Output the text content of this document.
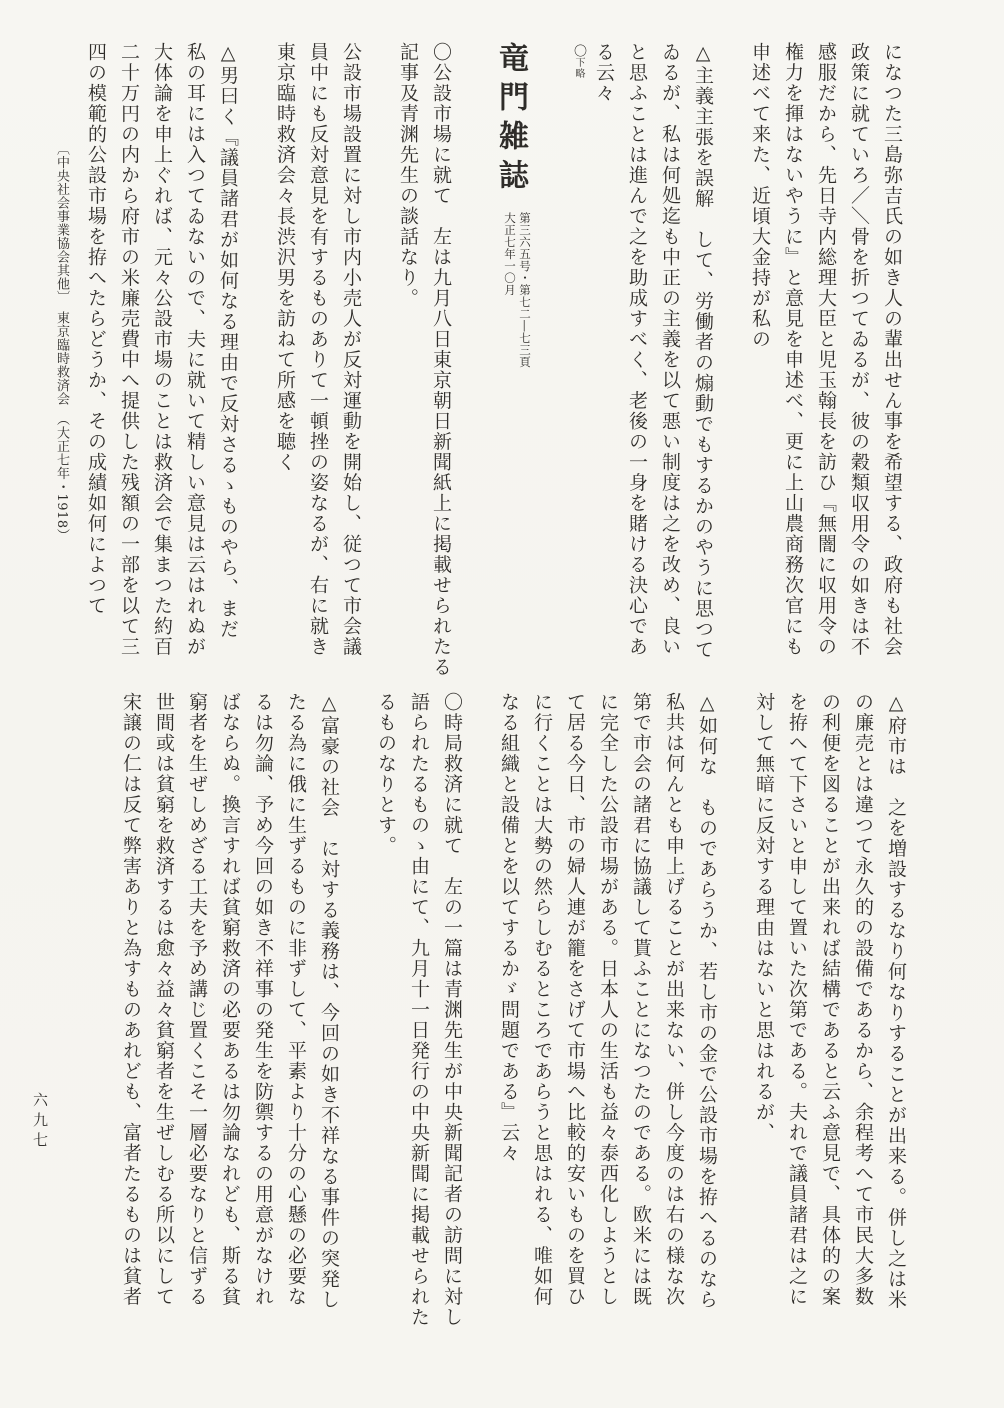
になつた三島弥吉氏の如き人の輩出せん事を希望する、政府も社会
政策に就ていろ／＼骨を折つてゐるが、彼の穀類収用令の如きは不
感服だから、先日寺内総理大臣と児玉翰長を訪ひ『無闇に収用令の
権力を揮はないやうに』と意見を申述べ、更に上山農商務次官にも
申述べて来た、近頃大金持が私の
△主義主張を誤解　して、労働者の煽動でもするかのやうに思つて
ゐるが、私は何処迄も中正の主義を以て悪い制度は之を改め、良い
と思ふことは進んで之を助成すべく、老後の一身を賭ける決心であ
る云々
〇下略
竜門雑誌
第三六五号・第七二―七三頁
大正七年一〇月
〇公設市場に就て　左は九月八日東京朝日新聞紙上に掲載せられたる
記事及青渊先生の談話なり。
公設市場設置に対し市内小売人が反対運動を開始し、従つて市会議
員中にも反対意見を有するものありて一頓挫の姿なるが、右に就き
東京臨時救済会々長渋沢男を訪ねて所感を聴く
△男曰く『議員諸君が如何なる理由で反対さるゝものやら、まだ
私の耳には入つてゐないので、夫に就いて精しい意見は云はれぬが
大体論を申上ぐれば、元々公設市場のことは救済会で集まつた約百
二十万円の内から府市の米廉売費中へ提供した残額の一部を以て三
四の模範的公設市場を拵へたらどうか、その成績如何によつて
〔中央社会事業協会其他〕　東京臨時救済会　（大正七年・1918）
△府市は　之を増設するなり何なりすることが出来る。併し之は米
の廉売とは違つて永久的の設備であるから、余程考へて市民大多数
の利便を図ることが出来れば結構であると云ふ意見で、具体的の案
を拵へて下さいと申して置いた次第である。夫れで議員諸君は之に
対して無暗に反対する理由はないと思はれるが、
△如何な　ものであらうか、若し市の金で公設市場を拵へるのなら
私共は何んとも申上げることが出来ない、併し今度のは右の様な次
第で市会の諸君に協議して貰ふことになつたのである。欧米には既
に完全した公設市場がある。日本人の生活も益々泰西化しようとし
て居る今日、市の婦人連が籠をさげて市場へ比較的安いものを買ひ
に行くことは大勢の然らしむるところであらうと思はれる、唯如何
なる組織と設備とを以てするかゞ問題である』云々
〇時局救済に就て　左の一篇は青渊先生が中央新聞記者の訪問に対し
語られたるものゝ由にて、九月十一日発行の中央新聞に掲載せられた
るものなりとす。
△富豪の社会　に対する義務は、今回の如き不祥なる事件の突発し
たる為に俄に生ずるものに非ずして、平素より十分の心懸の必要な
るは勿論、予め今回の如き不祥事の発生を防禦するの用意がなけれ
ばならぬ。換言すれば貧窮救済の必要あるは勿論なれども、斯る貧
窮者を生ぜしめざる工夫を予め講じ置くこそ一層必要なりと信ずる
世間或は貧窮を救済するは愈々益々貧窮者を生ぜしむる所以にして
宋譲の仁は反て弊害ありと為すものあれども、富者たるものは貧者
六九七
